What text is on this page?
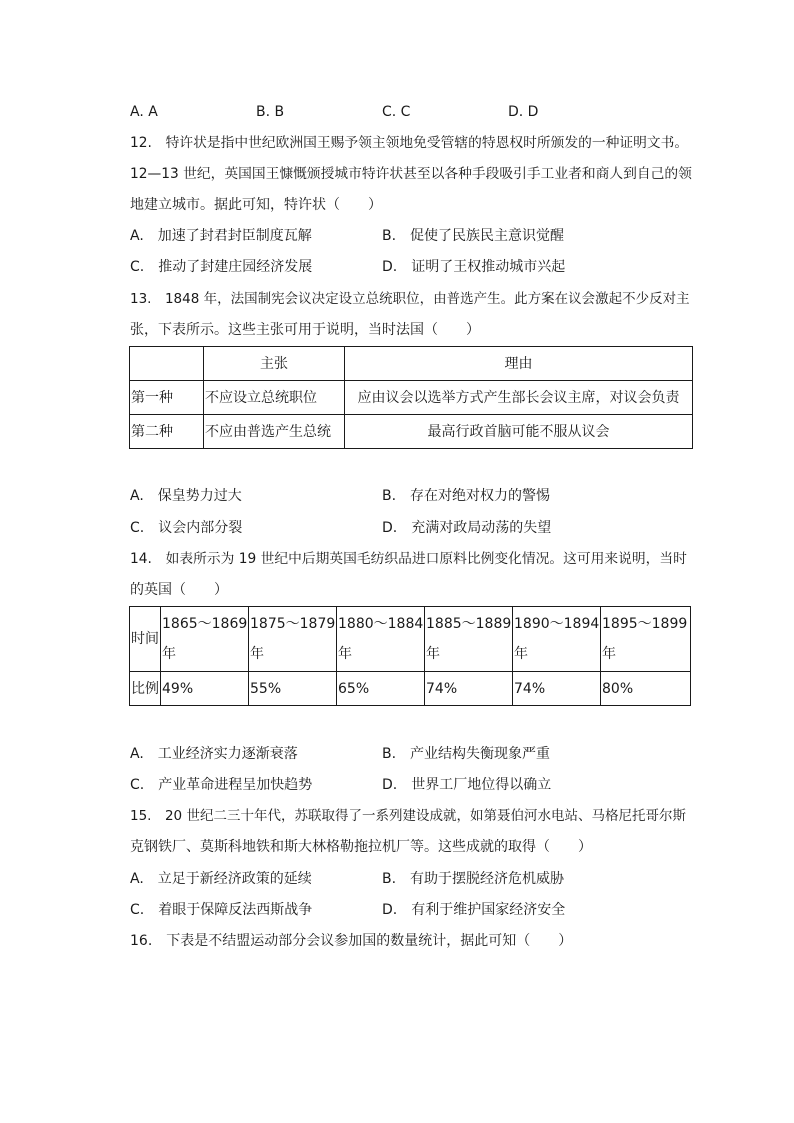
A. A	B. B	C. C	D. D
12.　特许状是指中世纪欧洲国王赐予领主领地免受管辖的特恩权时所颁发的一种证明文书。
12—13 世纪，英国国王慷慨颁授城市特许状甚至以各种手段吸引手工业者和商人到自己的领
地建立城市。据此可知，特许状（　　）
A.　加速了封君封臣制度瓦解	B.　促使了民族民主意识觉醒
C.　推动了封建庄园经济发展	D.　证明了王权推动城市兴起
13.　1848 年，法国制宪会议决定设立总统职位，由普选产生。此方案在议会激起不少反对主
张，下表所示。这些主张可用于说明，当时法国（　　）
	主张	理由
第一种	不应设立总统职位	应由议会以选举方式产生部长会议主席，对议会负责
第二种	不应由普选产生总统	最高行政首脑可能不服从议会
A.　保皇势力过大	B.　存在对绝对权力的警惕
C.　议会内部分裂	D.　充满对政局动荡的失望
14.　如表所示为 19 世纪中后期英国毛纺织品进口原料比例变化情况。这可用来说明，当时
的英国（　　）
时间	1865～1869 年	1875～1879 年	1880～1884 年	1885～1889 年	1890～1894 年	1895～1899 年

比例	49%	55%	65%	74%	74%	80%
A.　工业经济实力逐渐衰落	B.　产业结构失衡现象严重
C.　产业革命进程呈加快趋势	D.　世界工厂地位得以确立
15.　20 世纪二三十年代，苏联取得了一系列建设成就，如第聂伯河水电站、马格尼托哥尔斯
克钢铁厂、莫斯科地铁和斯大林格勒拖拉机厂等。这些成就的取得（　　）
A.　立足于新经济政策的延续	B.　有助于摆脱经济危机威胁
C.　着眼于保障反法西斯战争	D.　有利于维护国家经济安全
16.　下表是不结盟运动部分会议参加国的数量统计，据此可知（　　）
